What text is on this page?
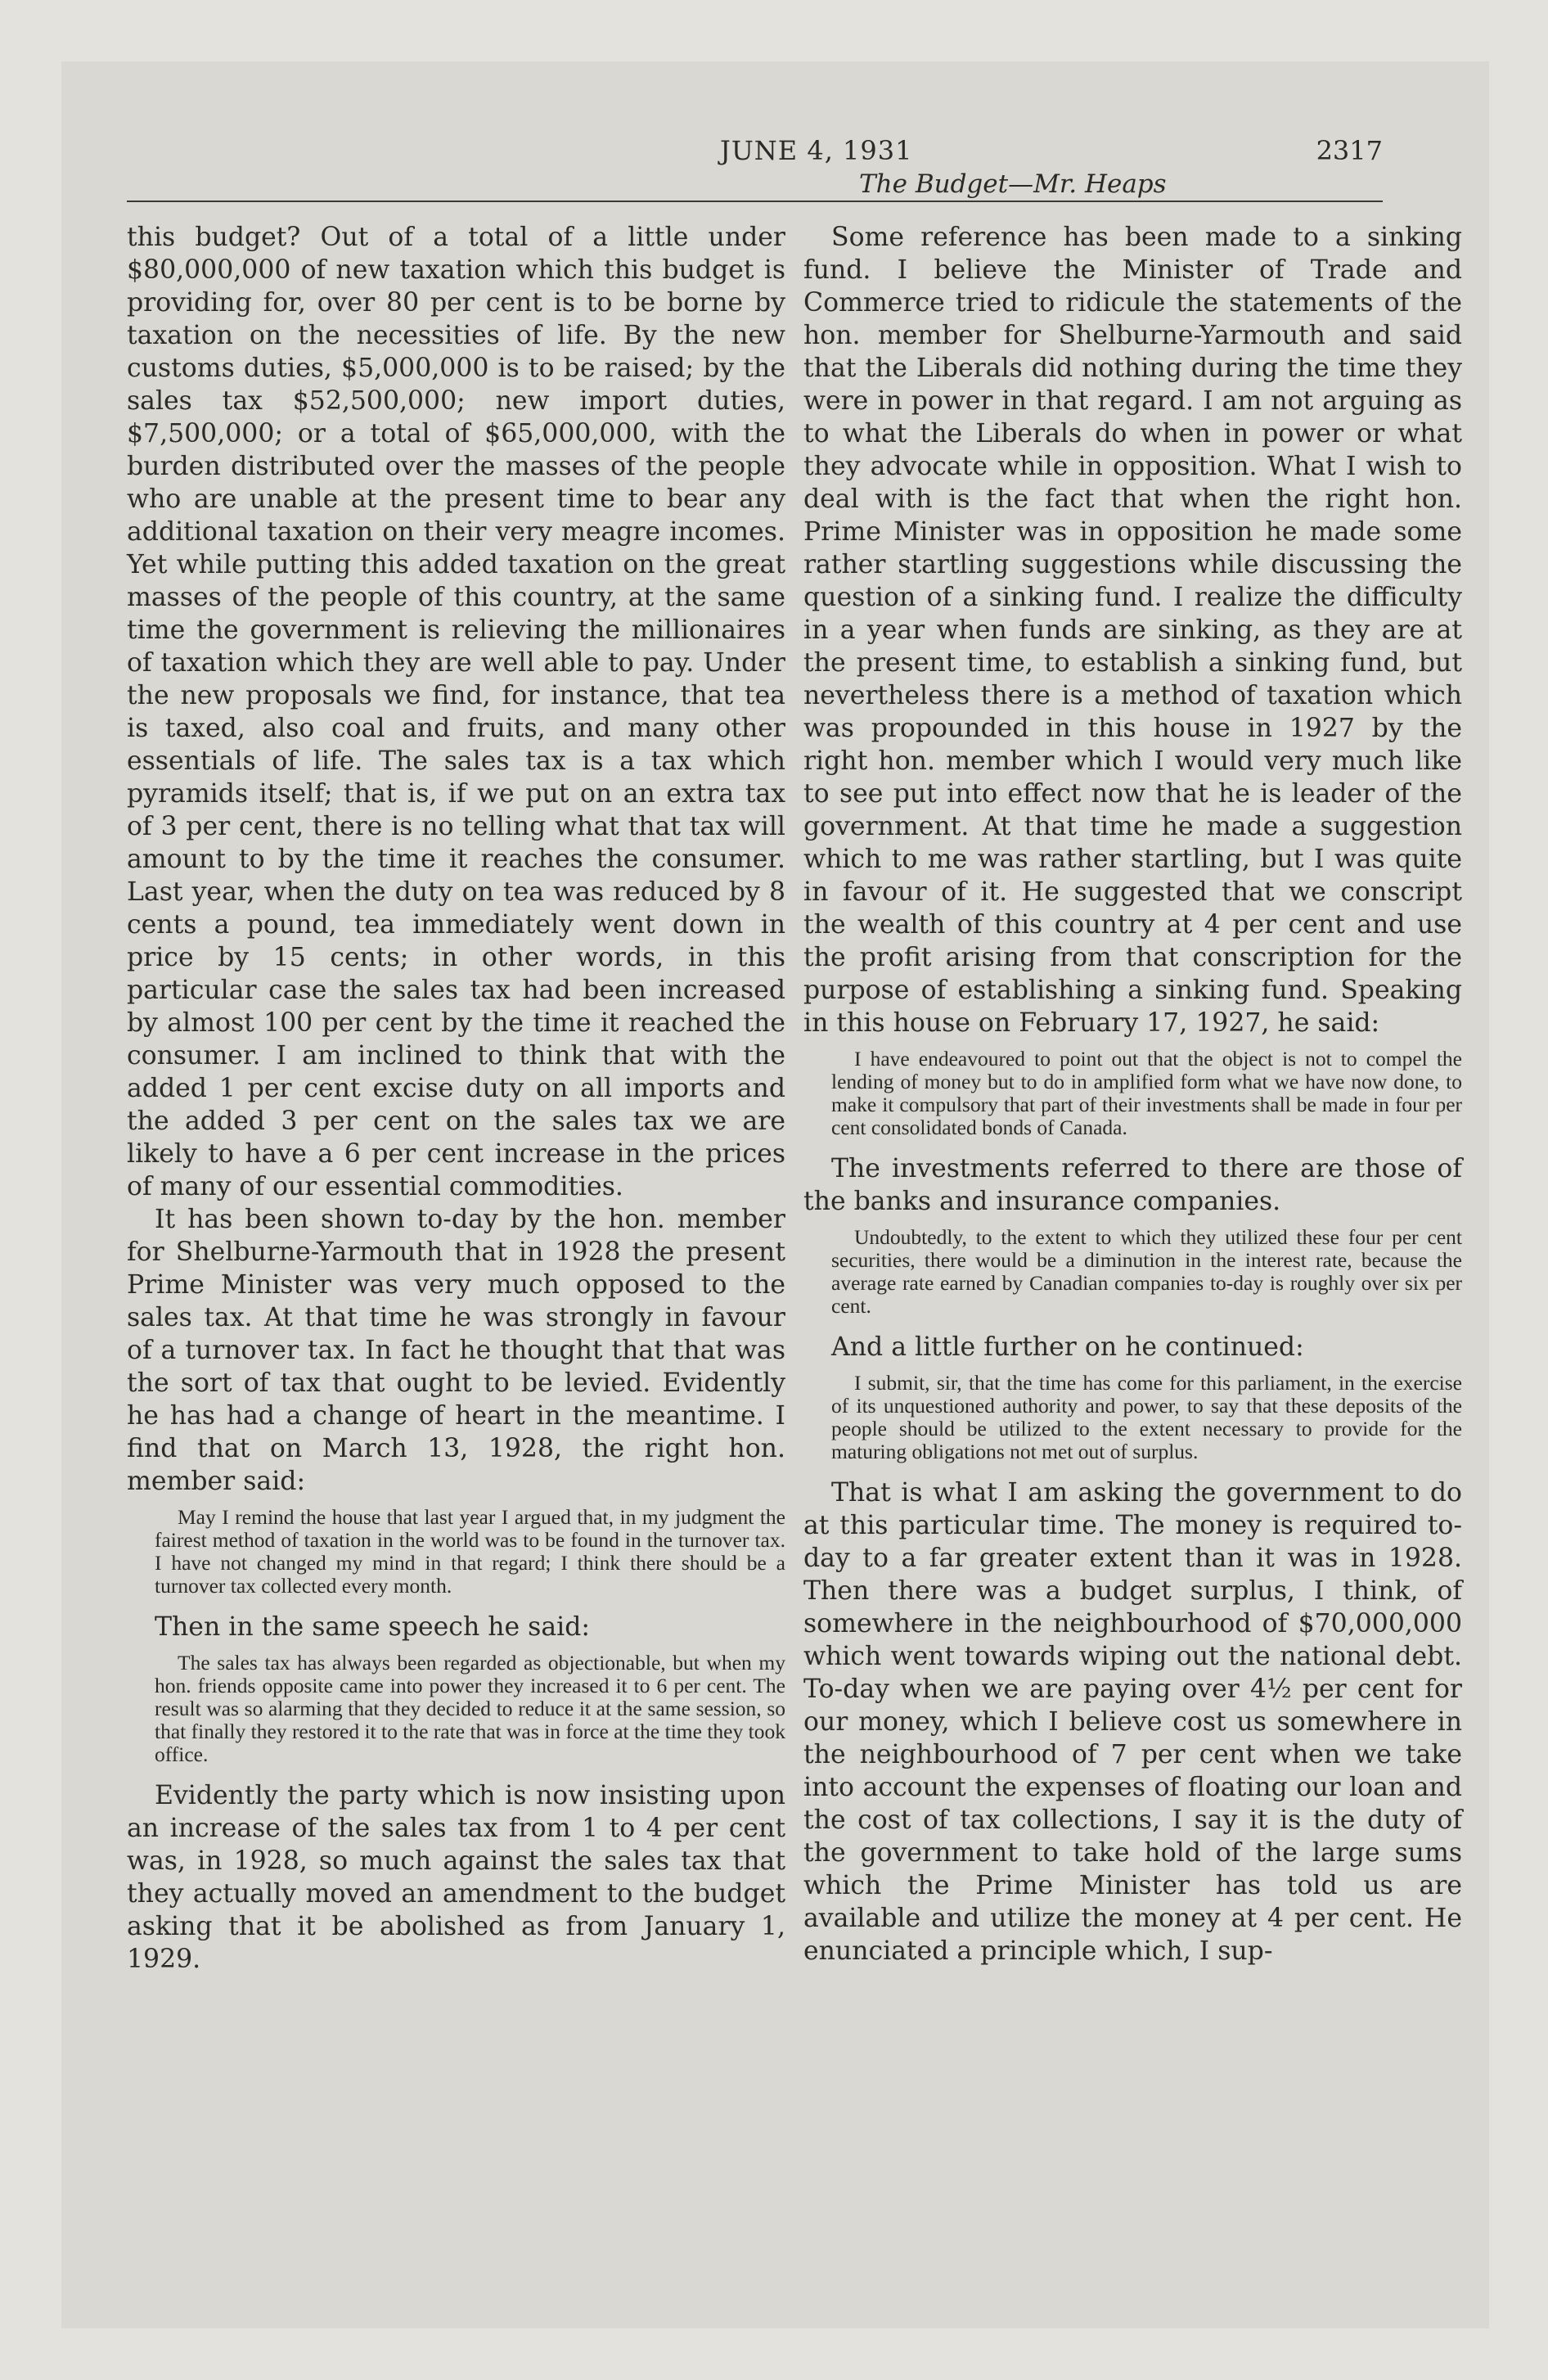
JUNE 4, 1931
The Budget—Mr. Heaps
2317

this budget? Out of a total of a little under $80,000,000 of new taxation which this budget is providing for, over 80 per cent is to be borne by taxation on the necessities of life. By the new customs duties, $5,000,000 is to be raised; by the sales tax $52,500,000; new import duties, $7,500,000; or a total of $65,000,000, with the burden distributed over the masses of the people who are unable at the present time to bear any additional taxation on their very meagre incomes. Yet while putting this added taxation on the great masses of the people of this country, at the same time the government is relieving the millionaires of taxation which they are well able to pay. Under the new proposals we find, for instance, that tea is taxed, also coal and fruits, and many other essentials of life. The sales tax is a tax which pyramids itself; that is, if we put on an extra tax of 3 per cent, there is no telling what that tax will amount to by the time it reaches the consumer. Last year, when the duty on tea was reduced by 8 cents a pound, tea immediately went down in price by 15 cents; in other words, in this particular case the sales tax had been increased by almost 100 per cent by the time it reached the consumer. I am inclined to think that with the added 1 per cent excise duty on all imports and the added 3 per cent on the sales tax we are likely to have a 6 per cent increase in the prices of many of our essential commodities.

It has been shown to-day by the hon. member for Shelburne-Yarmouth that in 1928 the present Prime Minister was very much opposed to the sales tax. At that time he was strongly in favour of a turnover tax. In fact he thought that that was the sort of tax that ought to be levied. Evidently he has had a change of heart in the meantime. I find that on March 13, 1928, the right hon. member said:

May I remind the house that last year I argued that, in my judgment the fairest method of taxation in the world was to be found in the turnover tax. I have not changed my mind in that regard; I think there should be a turnover tax collected every month.

Then in the same speech he said:

The sales tax has always been regarded as objectionable, but when my hon. friends opposite came into power they increased it to 6 per cent. The result was so alarming that they decided to reduce it at the same session, so that finally they restored it to the rate that was in force at the time they took office.

Evidently the party which is now insisting upon an increase of the sales tax from 1 to 4 per cent was, in 1928, so much against the sales tax that they actually moved an amendment to the budget asking that it be abolished as from January 1, 1929.

Some reference has been made to a sinking fund. I believe the Minister of Trade and Commerce tried to ridicule the statements of the hon. member for Shelburne-Yarmouth and said that the Liberals did nothing during the time they were in power in that regard. I am not arguing as to what the Liberals do when in power or what they advocate while in opposition. What I wish to deal with is the fact that when the right hon. Prime Minister was in opposition he made some rather startling suggestions while discussing the question of a sinking fund. I realize the difficulty in a year when funds are sinking, as they are at the present time, to establish a sinking fund, but nevertheless there is a method of taxation which was propounded in this house in 1927 by the right hon. member which I would very much like to see put into effect now that he is leader of the government. At that time he made a suggestion which to me was rather startling, but I was quite in favour of it. He suggested that we conscript the wealth of this country at 4 per cent and use the profit arising from that conscription for the purpose of establishing a sinking fund. Speaking in this house on February 17, 1927, he said:

I have endeavoured to point out that the object is not to compel the lending of money but to do in amplified form what we have now done, to make it compulsory that part of their investments shall be made in four per cent consolidated bonds of Canada.

The investments referred to there are those of the banks and insurance companies.

Undoubtedly, to the extent to which they utilized these four per cent securities, there would be a diminution in the interest rate, because the average rate earned by Canadian companies to-day is roughly over six per cent.

And a little further on he continued:

I submit, sir, that the time has come for this parliament, in the exercise of its unquestioned authority and power, to say that these deposits of the people should be utilized to the extent necessary to provide for the maturing obligations not met out of surplus.

That is what I am asking the government to do at this particular time. The money is required to-day to a far greater extent than it was in 1928. Then there was a budget surplus, I think, of somewhere in the neighbourhood of $70,000,000 which went towards wiping out the national debt. To-day when we are paying over 4½ per cent for our money, which I believe cost us somewhere in the neighbourhood of 7 per cent when we take into account the expenses of floating our loan and the cost of tax collections, I say it is the duty of the government to take hold of the large sums which the Prime Minister has told us are available and utilize the money at 4 per cent. He enunciated a principle which, I sup-
